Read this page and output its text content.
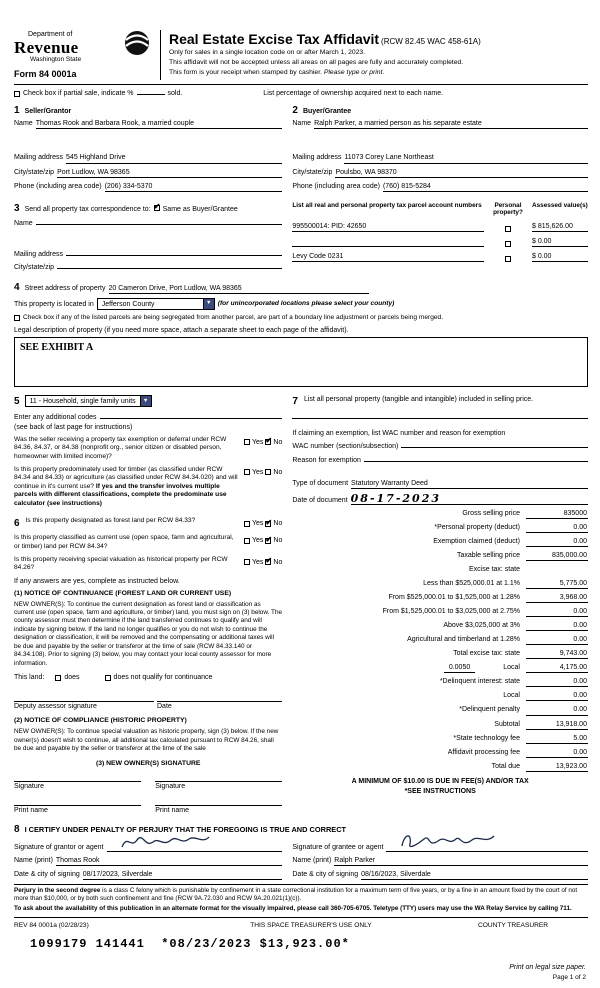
Department of
Revenue
Washington State
Form 84 0001a
Real Estate Excise Tax Affidavit (RCW 82.45 WAC 458-61A)
Only for sales in a single location code on or after March 1, 2023.
This affidavit will not be accepted unless all areas on all pages are fully and accurately completed.
This form is your receipt when stamped by cashier. Please type or print.
Check box if partial sale, indicate %	sold.	List percentage of ownership acquired next to each name.
1 Seller/Grantor
Name Thomas Rook and Barbara Rook, a married couple
Mailing address 545 Highland Drive
City/state/zip Port Ludlow, WA 98365
Phone (including area code) (206) 334-5370
2 Buyer/Grantee
Name Ralph Parker, a married person as his separate estate
Mailing address 11073 Corey Lane Northeast
City/state/zip Poulsbo, WA 98370
Phone (including area code) (760) 815-5284
3 Send all property tax correspondence to: ✔ Same as Buyer/Grantee
Name
Mailing address
City/state/zip
List all real and personal property tax parcel account numbers	Personal property?
Assessed value(s)
995500014: PID: 42650	$ 815,626.00
$ 0.00
Levy Code 0231	$ 0.00
4 Street address of property 20 Cameron Drive, Port Ludlow, WA 98365
This property is located in	Jefferson County ▼	(for unincorporated locations please select your county)
Check box if any of the listed parcels are being segregated from another parcel, are part of a boundary line adjustment or parcels being merged.
Legal description of property (if you need more space, attach a separate sheet to each page of the affidavit).
SEE EXHIBIT A
5	11 - Household, single family units
▼
Enter any additional codes
(see back of last page for instructions)
Was the seller receiving a property tax exemption or deferral under RCW 84.36, 84.37, or 84.38 (nonprofit org., senior citizen or disabled person, homeowner with limited income)?
Yes ✔ No
Is this property predominately used for timber (as classified under RCW 84.34 and 84.33) or agriculture (as classified under RCW 84.34.020) and will continue in it's current use? If yes and the transfer involves multiple parcels with different classifications, complete the predominate use calculator (see instructions)
Yes No
6 Is this property designated as forest land per RCW 84.33?	Yes ✔ No
Is this property classified as current use (open space, farm and agricultural, or timber) land per RCW 84.34?
Yes ✔ No
Is this property receiving special valuation as historical property per RCW 84.26?
Yes ✔ No
If any answers are yes, complete as instructed below.
(1) NOTICE OF CONTINUANCE (FOREST LAND OR CURRENT USE)
NEW OWNER(S): To continue the current designation as forest land or classification as current use (open space, farm and agriculture, or timber) land, you must sign on (3) below. The county assessor must then determine if the land transferred continues to qualify and will indicate by signing below. If the land no longer qualifies or you do not wish to continue the designation or classification, it will be removed and the compensating or additional taxes will be due and payable by the seller or transferor at the time of sale (RCW 84.33.140 or 84.34.108). Prior to signing (3) below, you may contact your local county assessor for more information.
This land:	does	does not qualify for continuance
Deputy assessor signature	Date
(2) NOTICE OF COMPLIANCE (HISTORIC PROPERTY)
NEW OWNER(S): To continue special valuation as historic property, sign (3) below. If the new owner(s) doesn't wish to continue, all additional tax calculated pursuant to RCW 84.26, shall be due and payable by the seller or transferor at the time of the sale
(3) NEW OWNER(S) SIGNATURE
Signature	Signature
Print name	Print name
7 List all personal property (tangible and intangible) included in selling price.
If claiming an exemption, list WAC number and reason for exemption
WAC number (section/subsection)
Reason for exemption
Type of document Statutory Warranty Deed
Date of document 08-17-2023
Gross selling price	835000
*Personal property (deduct)	0.00
Exemption claimed (deduct)	0.00
Taxable selling price	835,000.00
Excise tax: state
Less than $525,000.01 at 1.1%	5,775.00
From $525,000.01 to $1,525,000 at 1.28%	3,968.00
From $1,525,000.01 to $3,025,000 at 2.75%	0.00
Above $3,025,000 at 3%	0.00
Agricultural and timberland at 1.28%	0.00
Total excise tax: state	9,743.00
0.0050	Local	4,175.00
*Delinquent interest: state	0.00
Local	0.00
*Delinquent penalty	0.00
Subtotal	13,918.00
*State technology fee	5.00
Affidavit processing fee	0.00
Total due	13,923.00
A MINIMUM OF $10.00 IS DUE IN FEE(S) AND/OR TAX
*SEE INSTRUCTIONS
8 I CERTIFY UNDER PENALTY OF PERJURY THAT THE FOREGOING IS TRUE AND CORRECT
Signature of grantor or agent
Name (print) Thomas Rook
Date & city of signing 08/17/2023, Silverdale
Signature of grantee or agent
Name (print) Ralph Parker
Date & city of signing 08/16/2023, Silverdale
Perjury in the second degree is a class C felony which is punishable by confinement in a state correctional institution for a maximum term of five years, or by a fine in an amount fixed by the court of not more than $10,000, or by both such confinement and fine (RCW 9A.72.030 and RCW 9A.20.021(1)(c)).
To ask about the availability of this publication in an alternate format for the visually impaired, please call 360-705-6705. Teletype (TTY) users may use the WA Relay Service by calling 711.
REV 84 0001a (02/28/23)	THIS SPACE TREASURER'S USE ONLY	COUNTY TREASURER
1099179 141441  *08/23/2023 $13,923.00*
Print on legal size paper.
Page 1 of 2
